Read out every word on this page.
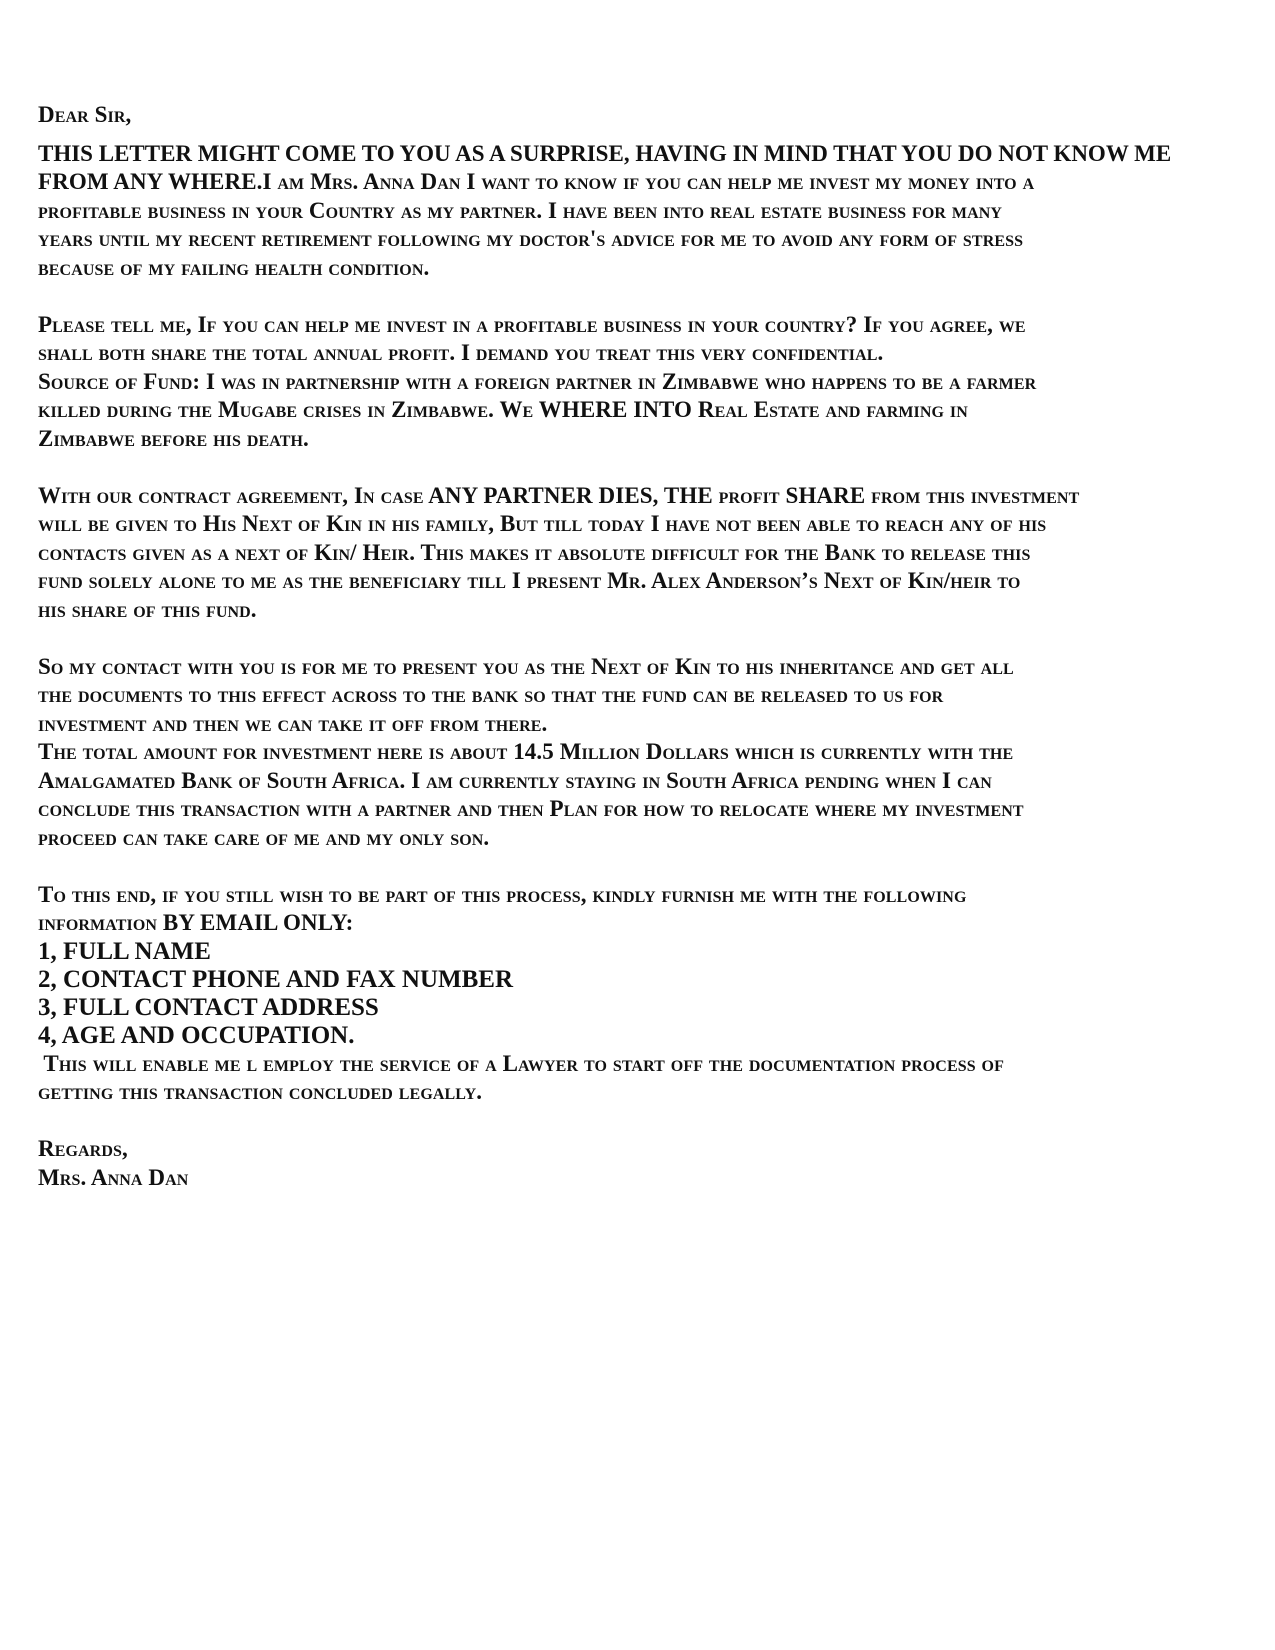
Dear Sir,
THIS LETTER MIGHT COME TO YOU AS A SURPRISE, HAVING IN MIND THAT YOU DO NOT KNOW ME
FROM ANY WHERE.I am Mrs. Anna Dan I want to know if you can help me invest my money into a
profitable business in your Country as my partner. I have been into real estate business for many
years until my recent retirement following my doctor's advice for me to avoid any form of stress
because of my failing health condition.
Please tell me, If you can help me invest in a profitable business in your country? If you agree, we
shall both share the total annual profit. I demand you treat this very confidential.
Source of Fund: I was in partnership with a foreign partner in Zimbabwe who happens to be a farmer
killed during the Mugabe crises in Zimbabwe. We WHERE INTO Real Estate and farming in
Zimbabwe before his death.
With our contract agreement, In case ANY PARTNER DIES, THE profit SHARE from this investment
will be given to His Next of Kin in his family, But till today I have not been able to reach any of his
contacts given as a next of Kin/ Heir. This makes it absolute difficult for the Bank to release this
fund solely alone to me as the beneficiary till I present Mr. Alex Anderson’s Next of Kin/heir to
his share of this fund.
So my contact with you is for me to present you as the Next of Kin to his inheritance and get all
the documents to this effect across to the bank so that the fund can be released to us for
investment and then we can take it off from there.
The total amount for investment here is about 14.5 Million Dollars which is currently with the
Amalgamated Bank of South Africa. I am currently staying in South Africa pending when I can
conclude this transaction with a partner and then Plan for how to relocate where my investment
proceed can take care of me and my only son.
To this end, if you still wish to be part of this process, kindly furnish me with the following
information BY EMAIL ONLY:
1, FULL NAME
2, CONTACT PHONE AND FAX NUMBER
3, FULL CONTACT ADDRESS
4, AGE AND OCCUPATION.
This will enable me l employ the service of a Lawyer to start off the documentation process of
getting this transaction concluded legally.
Regards,
Mrs. Anna Dan
